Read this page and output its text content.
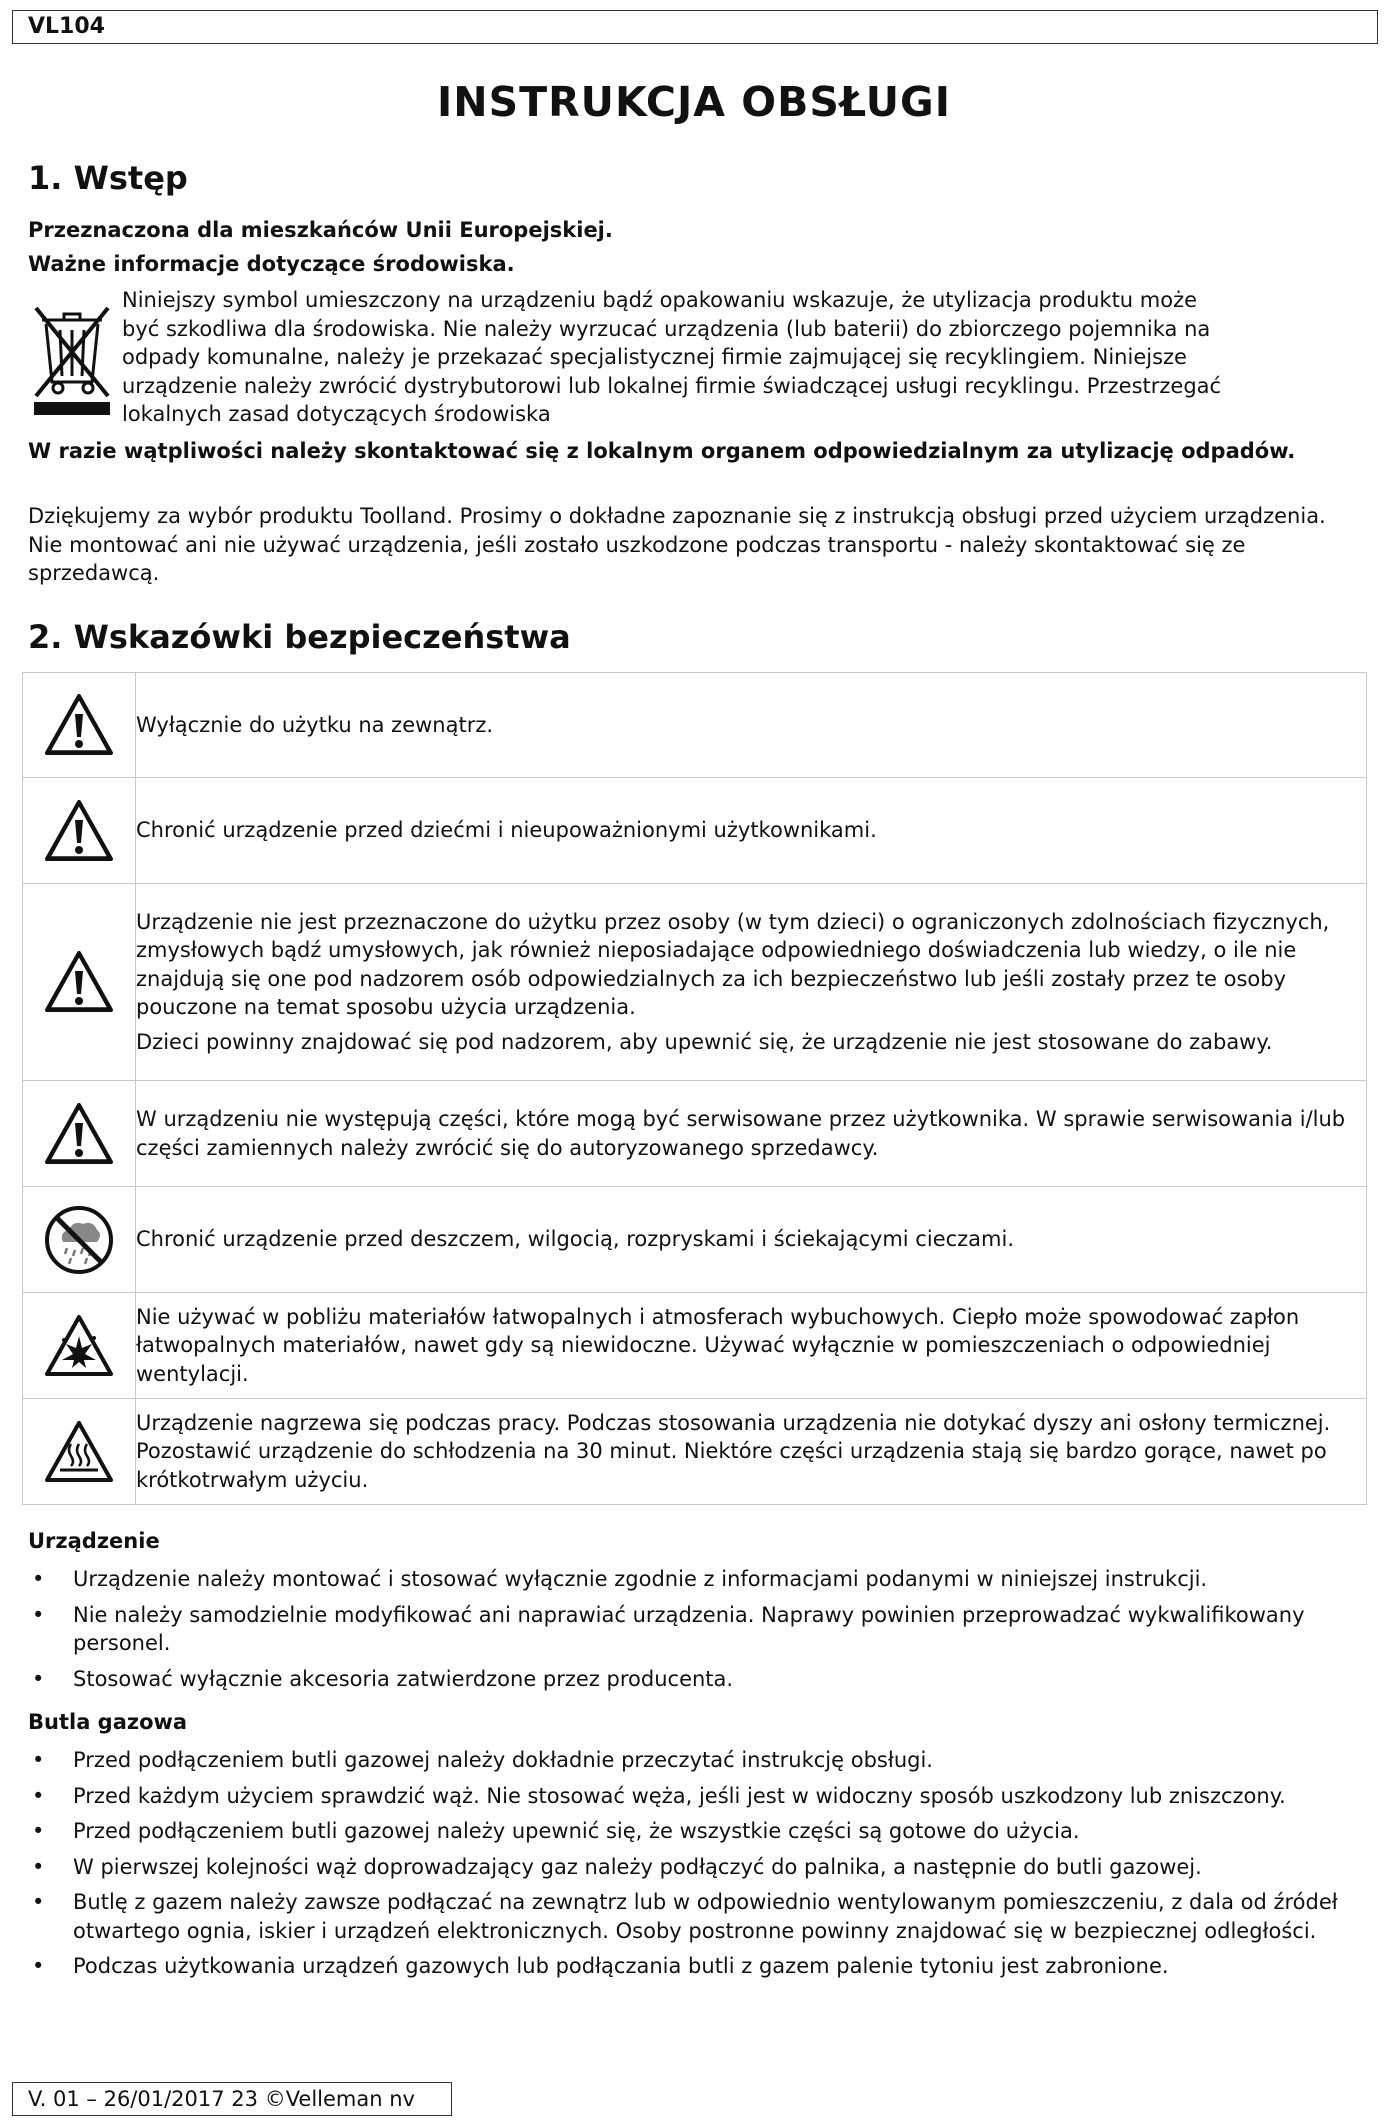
VL104
INSTRUKCJA OBSŁUGI
1. Wstęp
Przeznaczona dla mieszkańców Unii Europejskiej.
Ważne informacje dotyczące środowiska.
Niniejszy symbol umieszczony na urządzeniu bądź opakowaniu wskazuje, że utylizacja produktu może
być szkodliwa dla środowiska. Nie należy wyrzucać urządzenia (lub baterii) do zbiorczego pojemnika na
odpady komunalne, należy je przekazać specjalistycznej firmie zajmującej się recyklingiem. Niniejsze
urządzenie należy zwrócić dystrybutorowi lub lokalnej firmie świadczącej usługi recyklingu. Przestrzegać
lokalnych zasad dotyczących środowiska
W razie wątpliwości należy skontaktować się z lokalnym organem odpowiedzialnym za utylizację odpadów.
Dziękujemy za wybór produktu Toolland. Prosimy o dokładne zapoznanie się z instrukcją obsługi przed użyciem urządzenia. Nie montować ani nie używać urządzenia, jeśli zostało uszkodzone podczas transportu - należy skontaktować się ze sprzedawcą.
2. Wskazówki bezpieczeństwa

Wyłącznie do użytku na zewnątrz.

Chronić urządzenie przed dziećmi i nieupoważnionymi użytkownikami.

Urządzenie nie jest przeznaczone do użytku przez osoby (w tym dzieci) o ograniczonych zdolnościach fizycznych, zmysłowych bądź umysłowych, jak również nieposiadające odpowiedniego doświadczenia lub wiedzy, o ile nie znajdują się one pod nadzorem osób odpowiedzialnych za ich bezpieczeństwo lub jeśli zostały przez te osoby pouczone na temat sposobu użycia urządzenia.

Dzieci powinny znajdować się pod nadzorem, aby upewnić się, że urządzenie nie jest stosowane do zabawy.

W urządzeniu nie występują części, które mogą być serwisowane przez użytkownika. W sprawie serwisowania i/lub części zamiennych należy zwrócić się do autoryzowanego sprzedawcy.

Chronić urządzenie przed deszczem, wilgocią, rozpryskami i ściekającymi cieczami.

Nie używać w pobliżu materiałów łatwopalnych i atmosferach wybuchowych. Ciepło może spowodować zapłon łatwopalnych materiałów, nawet gdy są niewidoczne. Używać wyłącznie w pomieszczeniach o odpowiedniej wentylacji.

Urządzenie nagrzewa się podczas pracy. Podczas stosowania urządzenia nie dotykać dyszy ani osłony termicznej. Pozostawić urządzenie do schłodzenia na 30 minut. Niektóre części urządzenia stają się bardzo gorące, nawet po krótkotrwałym użyciu.

Urządzenie
• Urządzenie należy montować i stosować wyłącznie zgodnie z informacjami podanymi w niniejszej instrukcji.
• Nie należy samodzielnie modyfikować ani naprawiać urządzenia. Naprawy powinien przeprowadzać wykwalifikowany personel.
• Stosować wyłącznie akcesoria zatwierdzone przez producenta.
Butla gazowa
• Przed podłączeniem butli gazowej należy dokładnie przeczytać instrukcję obsługi.
• Przed każdym użyciem sprawdzić wąż. Nie stosować węża, jeśli jest w widoczny sposób uszkodzony lub zniszczony.
• Przed podłączeniem butli gazowej należy upewnić się, że wszystkie części są gotowe do użycia.
• W pierwszej kolejności wąż doprowadzający gaz należy podłączyć do palnika, a następnie do butli gazowej.
• Butlę z gazem należy zawsze podłączać na zewnątrz lub w odpowiednio wentylowanym pomieszczeniu, z dala od źródeł otwartego ognia, iskier i urządzeń elektronicznych. Osoby postronne powinny znajdować się w bezpiecznej odległości.
• Podczas użytkowania urządzeń gazowych lub podłączania butli z gazem palenie tytoniu jest zabronione.
V. 01 – 26/01/2017 23 ©Velleman nv
